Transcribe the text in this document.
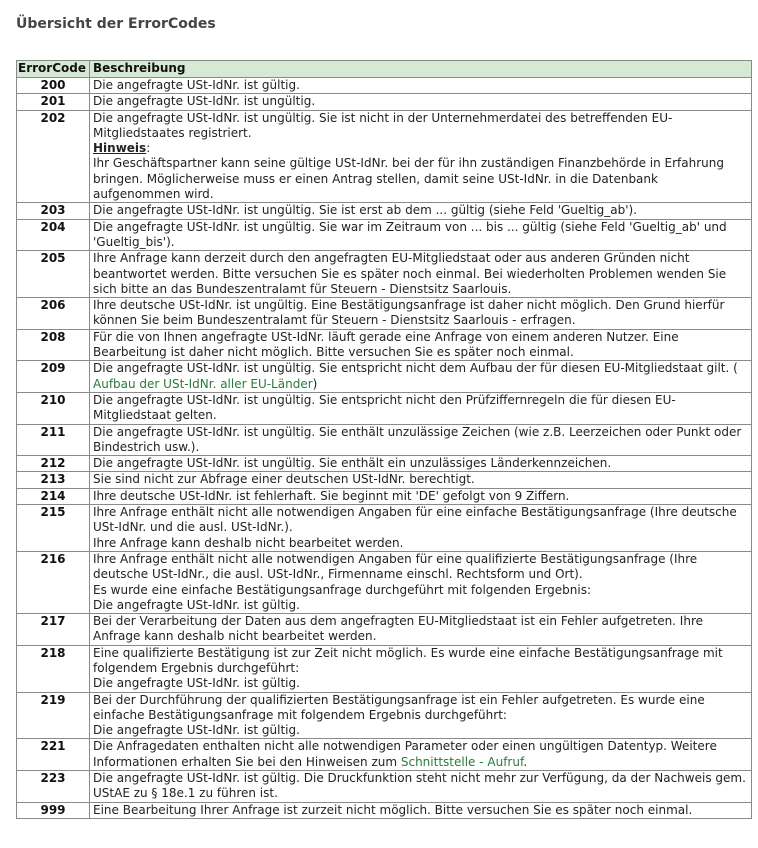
Übersicht der ErrorCodes
ErrorCode	Beschreibung
200	Die angefragte USt-IdNr. ist gültig.
201	Die angefragte USt-IdNr. ist ungültig.
202	Die angefragte USt-IdNr. ist ungültig. Sie ist nicht in der Unternehmerdatei des betreffenden EU-Mitgliedstaates registriert.
Hinweis:
Ihr Geschäftspartner kann seine gültige USt-IdNr. bei der für ihn zuständigen Finanzbehörde in Erfahrung bringen. Möglicherweise muss er einen Antrag stellen, damit seine USt-IdNr. in die Datenbank aufgenommen wird.
203	Die angefragte USt-IdNr. ist ungültig. Sie ist erst ab dem ... gültig (siehe Feld 'Gueltig_ab').
204	Die angefragte USt-IdNr. ist ungültig. Sie war im Zeitraum von ... bis ... gültig (siehe Feld 'Gueltig_ab' und 'Gueltig_bis').
205	Ihre Anfrage kann derzeit durch den angefragten EU-Mitgliedstaat oder aus anderen Gründen nicht beantwortet werden. Bitte versuchen Sie es später noch einmal. Bei wiederholten Problemen wenden Sie sich bitte an das Bundeszentralamt für Steuern - Dienstsitz Saarlouis.
206	Ihre deutsche USt-IdNr. ist ungültig. Eine Bestätigungsanfrage ist daher nicht möglich. Den Grund hierfür können Sie beim Bundeszentralamt für Steuern - Dienstsitz Saarlouis - erfragen.
208	Für die von Ihnen angefragte USt-IdNr. läuft gerade eine Anfrage von einem anderen Nutzer. Eine Bearbeitung ist daher nicht möglich. Bitte versuchen Sie es später noch einmal.
209	Die angefragte USt-IdNr. ist ungültig. Sie entspricht nicht dem Aufbau der für diesen EU-Mitgliedstaat gilt. ( Aufbau der USt-IdNr. aller EU-Länder)
210	Die angefragte USt-IdNr. ist ungültig. Sie entspricht nicht den Prüfziffernregeln die für diesen EU-Mitgliedstaat gelten.
211	Die angefragte USt-IdNr. ist ungültig. Sie enthält unzulässige Zeichen (wie z.B. Leerzeichen oder Punkt oder Bindestrich usw.).
212	Die angefragte USt-IdNr. ist ungültig. Sie enthält ein unzulässiges Länderkennzeichen.
213	Sie sind nicht zur Abfrage einer deutschen USt-IdNr. berechtigt.
214	Ihre deutsche USt-IdNr. ist fehlerhaft. Sie beginnt mit 'DE' gefolgt von 9 Ziffern.
215	Ihre Anfrage enthält nicht alle notwendigen Angaben für eine einfache Bestätigungsanfrage (Ihre deutsche USt-IdNr. und die ausl. USt-IdNr.).
Ihre Anfrage kann deshalb nicht bearbeitet werden.
216	Ihre Anfrage enthält nicht alle notwendigen Angaben für eine qualifizierte Bestätigungsanfrage (Ihre deutsche USt-IdNr., die ausl. USt-IdNr., Firmenname einschl. Rechtsform und Ort).
Es wurde eine einfache Bestätigungsanfrage durchgeführt mit folgenden Ergebnis:
Die angefragte USt-IdNr. ist gültig.
217	Bei der Verarbeitung der Daten aus dem angefragten EU-Mitgliedstaat ist ein Fehler aufgetreten. Ihre Anfrage kann deshalb nicht bearbeitet werden.
218	Eine qualifizierte Bestätigung ist zur Zeit nicht möglich. Es wurde eine einfache Bestätigungsanfrage mit folgendem Ergebnis durchgeführt:
Die angefragte USt-IdNr. ist gültig.
219	Bei der Durchführung der qualifizierten Bestätigungsanfrage ist ein Fehler aufgetreten. Es wurde eine einfache Bestätigungsanfrage mit folgendem Ergebnis durchgeführt:
Die angefragte USt-IdNr. ist gültig.
221	Die Anfragedaten enthalten nicht alle notwendigen Parameter oder einen ungültigen Datentyp. Weitere Informationen erhalten Sie bei den Hinweisen zum Schnittstelle - Aufruf.
223	Die angefragte USt-IdNr. ist gültig. Die Druckfunktion steht nicht mehr zur Verfügung, da der Nachweis gem. UStAE zu § 18e.1 zu führen ist.
999	Eine Bearbeitung Ihrer Anfrage ist zurzeit nicht möglich. Bitte versuchen Sie es später noch einmal.
